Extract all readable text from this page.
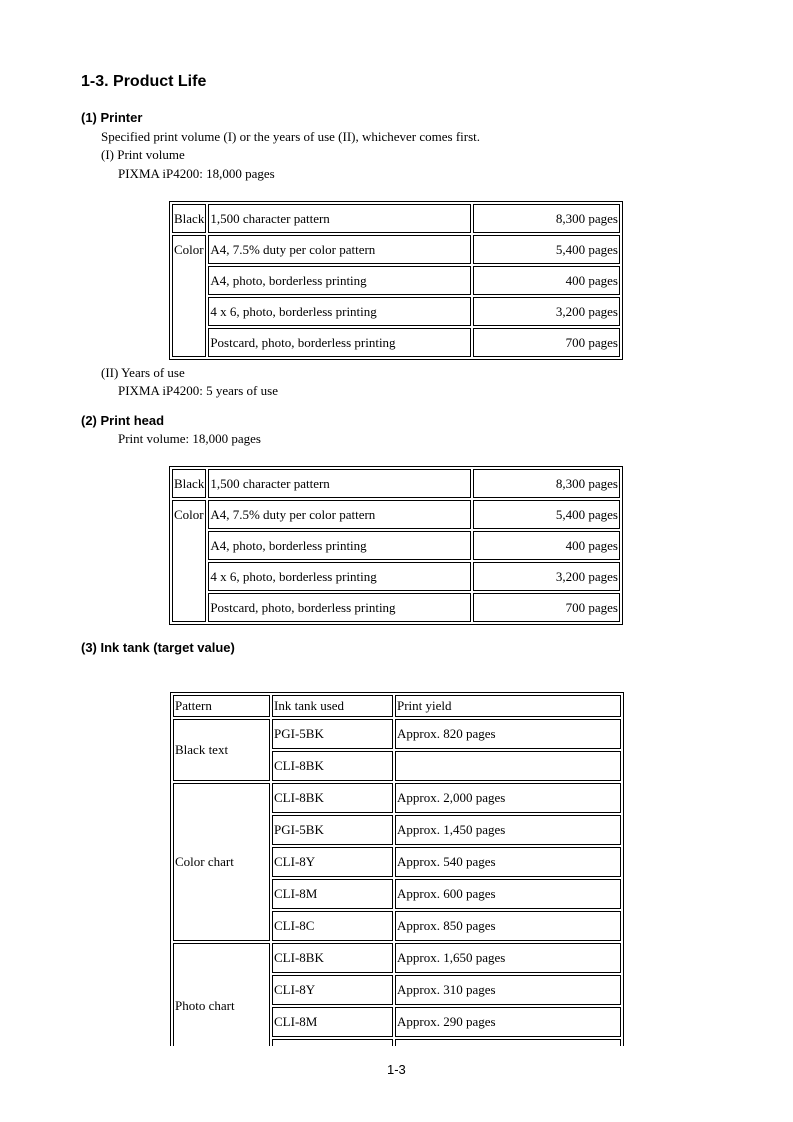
1-3. Product Life
(1) Printer
Specified print volume (I) or the years of use (II), whichever comes first.
(I) Print volume
PIXMA iP4200: 18,000 pages
Black	1,500 character pattern	8,300 pages
Color	A4, 7.5% duty per color pattern	5,400 pages
	A4, photo, borderless printing	400 pages
	4 x 6, photo, borderless printing	3,200 pages
	Postcard, photo, borderless printing	700 pages
(II) Years of use
PIXMA iP4200: 5 years of use
(2) Print head
Print volume: 18,000 pages
Black	1,500 character pattern	8,300 pages
Color	A4, 7.5% duty per color pattern	5,400 pages
	A4, photo, borderless printing	400 pages
	4 x 6, photo, borderless printing	3,200 pages
	Postcard, photo, borderless printing	700 pages
(3) Ink tank (target value)
Pattern	Ink tank used	Print yield
Black text	PGI-5BK	Approx. 820 pages
	CLI-8BK	
Color chart	CLI-8BK	Approx. 2,000 pages
	PGI-5BK	Approx. 1,450 pages
	CLI-8Y	Approx. 540 pages
	CLI-8M	Approx. 600 pages
	CLI-8C	Approx. 850 pages
Photo chart	CLI-8BK	Approx. 1,650 pages
	CLI-8Y	Approx. 310 pages
	CLI-8M	Approx. 290 pages

1-3
